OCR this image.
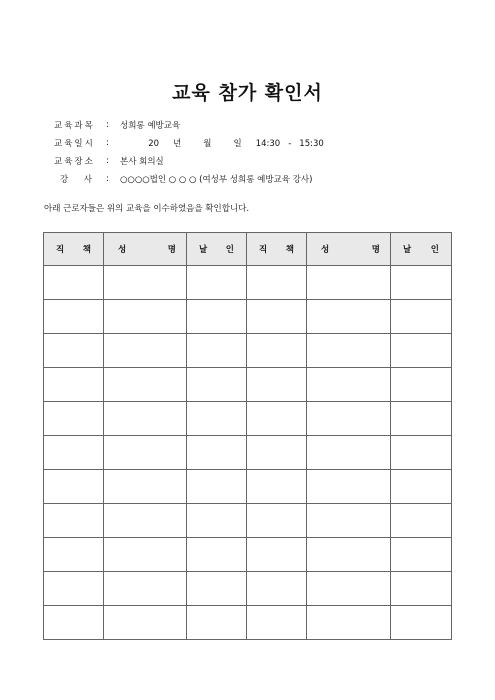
교육 참가 확인서
교육과목	:	성희롱 예방교육
교육일시	:	20 년	월	일 14:30 - 15:30

교육장소	:	본사 회의실
강 사 :	○○○○법인 ○ ○ ○ (여성부 성희롱 예방교육 강사)
아래 근로자들은 위의 교육을 이수하였음을 확인합니다.
직 책	성 명	날 인	직 책	성 명	날 인
